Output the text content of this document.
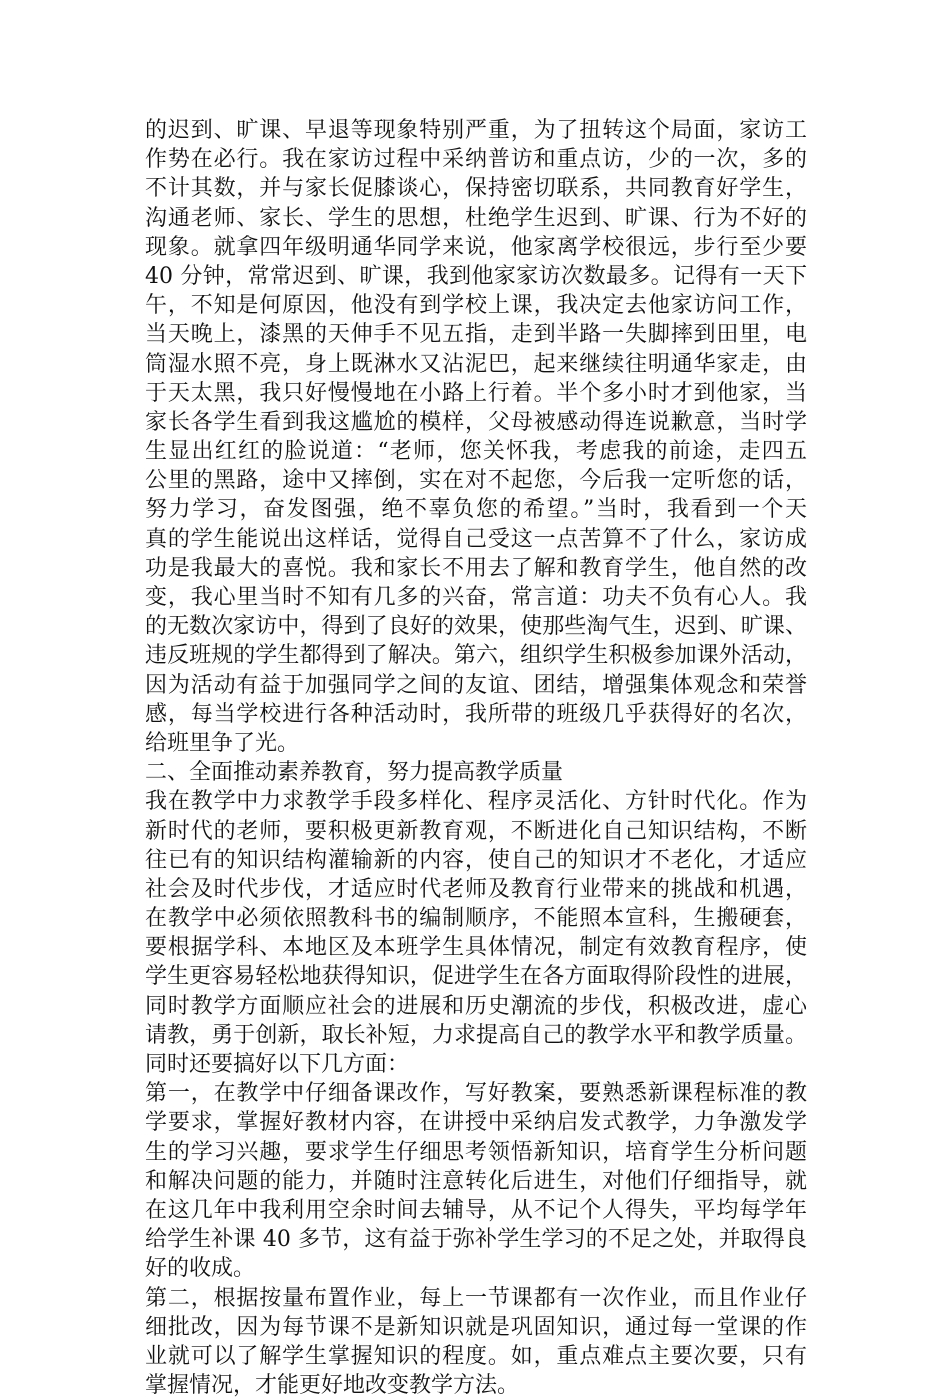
的迟到、旷课、早退等现象特别严重，为了扭转这个局面，家访工
作势在必行。我在家访过程中采纳普访和重点访，少的一次，多的
不计其数，并与家长促膝谈心，保持密切联系，共同教育好学生，
沟通老师、家长、学生的思想，杜绝学生迟到、旷课、行为不好的
现象。就拿四年级明通华同学来说，他家离学校很远，步行至少要
40 分钟，常常迟到、旷课，我到他家家访次数最多。记得有一天下
午，不知是何原因，他没有到学校上课，我决定去他家访问工作，
当天晚上，漆黑的天伸手不见五指，走到半路一失脚摔到田里，电
筒湿水照不亮，身上既淋水又沾泥巴，起来继续往明通华家走，由
于天太黑，我只好慢慢地在小路上行着。半个多小时才到他家，当
家长各学生看到我这尴尬的模样，父母被感动得连说歉意，当时学
生显出红红的脸说道：“老师，您关怀我，考虑我的前途，走四五
公里的黑路，途中又摔倒，实在对不起您，今后我一定听您的话，
努力学习，奋发图强，绝不辜负您的希望。”当时，我看到一个天
真的学生能说出这样话，觉得自己受这一点苦算不了什么，家访成
功是我最大的喜悦。我和家长不用去了解和教育学生，他自然的改
变，我心里当时不知有几多的兴奋，常言道：功夫不负有心人。我
的无数次家访中，得到了良好的效果，使那些淘气生，迟到、旷课、
违反班规的学生都得到了解决。第六，组织学生积极参加课外活动，
因为活动有益于加强同学之间的友谊、团结，增强集体观念和荣誉
感，每当学校进行各种活动时，我所带的班级几乎获得好的名次，
给班里争了光。
二、全面推动素养教育，努力提高教学质量
我在教学中力求教学手段多样化、程序灵活化、方针时代化。作为
新时代的老师，要积极更新教育观，不断进化自己知识结构，不断
往已有的知识结构灌输新的内容，使自己的知识才不老化，才适应
社会及时代步伐，才适应时代老师及教育行业带来的挑战和机遇，
在教学中必须依照教科书的编制顺序，不能照本宣科，生搬硬套，
要根据学科、本地区及本班学生具体情况，制定有效教育程序，使
学生更容易轻松地获得知识，促进学生在各方面取得阶段性的进展，
同时教学方面顺应社会的进展和历史潮流的步伐，积极改进，虚心
请教，勇于创新，取长补短，力求提高自己的教学水平和教学质量。
同时还要搞好以下几方面：
第一，在教学中仔细备课改作，写好教案，要熟悉新课程标准的教
学要求，掌握好教材内容，在讲授中采纳启发式教学，力争激发学
生的学习兴趣，要求学生仔细思考领悟新知识，培育学生分析问题
和解决问题的能力，并随时注意转化后进生，对他们仔细指导，就
在这几年中我利用空余时间去辅导，从不记个人得失，平均每学年
给学生补课 40 多节，这有益于弥补学生学习的不足之处，并取得良
好的收成。
第二，根据按量布置作业，每上一节课都有一次作业，而且作业仔
细批改，因为每节课不是新知识就是巩固知识，通过每一堂课的作
业就可以了解学生掌握知识的程度。如，重点难点主要次要，只有
掌握情况，才能更好地改变教学方法。
